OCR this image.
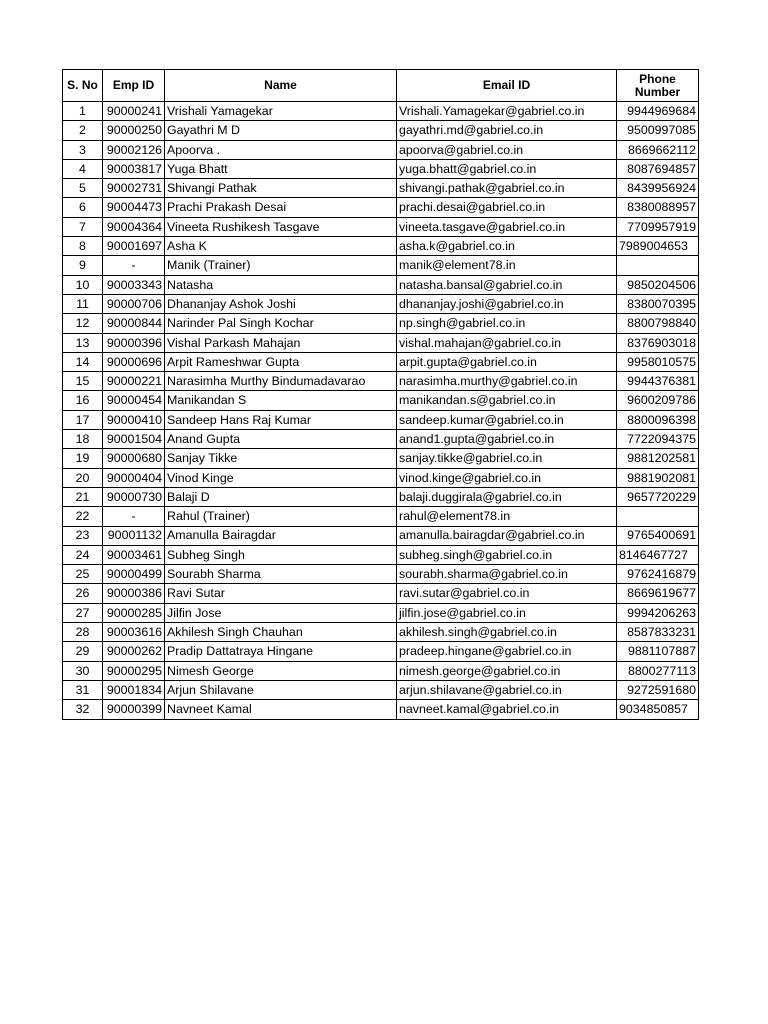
S. No	Emp ID	Name	Email ID	Phone
Number
1	90000241	Vrishali Yamagekar	Vrishali.Yamagekar@gabriel.co.in	9944969684
2	90000250	Gayathri M D	gayathri.md@gabriel.co.in	9500997085
3	90002126	Apoorva .	apoorva@gabriel.co.in	8669662112
4	90003817	Yuga Bhatt	yuga.bhatt@gabriel.co.in	8087694857
5	90002731	Shivangi Pathak	shivangi.pathak@gabriel.co.in	8439956924
6	90004473	Prachi Prakash Desai	prachi.desai@gabriel.co.in	8380088957
7	90004364	Vineeta Rushikesh Tasgave	vineeta.tasgave@gabriel.co.in	7709957919
8	90001697	Asha K	asha.k@gabriel.co.in	7989004653
9	-	Manik (Trainer)	manik@element78.in	
10	90003343	Natasha	natasha.bansal@gabriel.co.in	9850204506
11	90000706	Dhananjay Ashok Joshi	dhananjay.joshi@gabriel.co.in	8380070395
12	90000844	Narinder Pal Singh Kochar	np.singh@gabriel.co.in	8800798840
13	90000396	Vishal Parkash Mahajan	vishal.mahajan@gabriel.co.in	8376903018
14	90000696	Arpit Rameshwar Gupta	arpit.gupta@gabriel.co.in	9958010575
15	90000221	Narasimha Murthy Bindumadavarao	narasimha.murthy@gabriel.co.in	9944376381
16	90000454	Manikandan S	manikandan.s@gabriel.co.in	9600209786
17	90000410	Sandeep Hans Raj Kumar	sandeep.kumar@gabriel.co.in	8800096398
18	90001504	Anand Gupta	anand1.gupta@gabriel.co.in	7722094375
19	90000680	Sanjay Tikke	sanjay.tikke@gabriel.co.in	9881202581
20	90000404	Vinod Kinge	vinod.kinge@gabriel.co.in	9881902081
21	90000730	Balaji D	balaji.duggirala@gabriel.co.in	9657720229
22	-	Rahul (Trainer)	rahul@element78.in	
23	90001132	Amanulla Bairagdar	amanulla.bairagdar@gabriel.co.in	9765400691
24	90003461	Subheg Singh	subheg.singh@gabriel.co.in	8146467727
25	90000499	Sourabh Sharma	sourabh.sharma@gabriel.co.in	9762416879
26	90000386	Ravi Sutar	ravi.sutar@gabriel.co.in	8669619677
27	90000285	Jilfin Jose	jilfin.jose@gabriel.co.in	9994206263
28	90003616	Akhilesh Singh Chauhan	akhilesh.singh@gabriel.co.in	8587833231
29	90000262	Pradip Dattatraya Hingane	pradeep.hingane@gabriel.co.in	9881107887
30	90000295	Nimesh George	nimesh.george@gabriel.co.in	8800277113
31	90001834	Arjun Shilavane	arjun.shilavane@gabriel.co.in	9272591680
32	90000399	Navneet Kamal	navneet.kamal@gabriel.co.in	9034850857
